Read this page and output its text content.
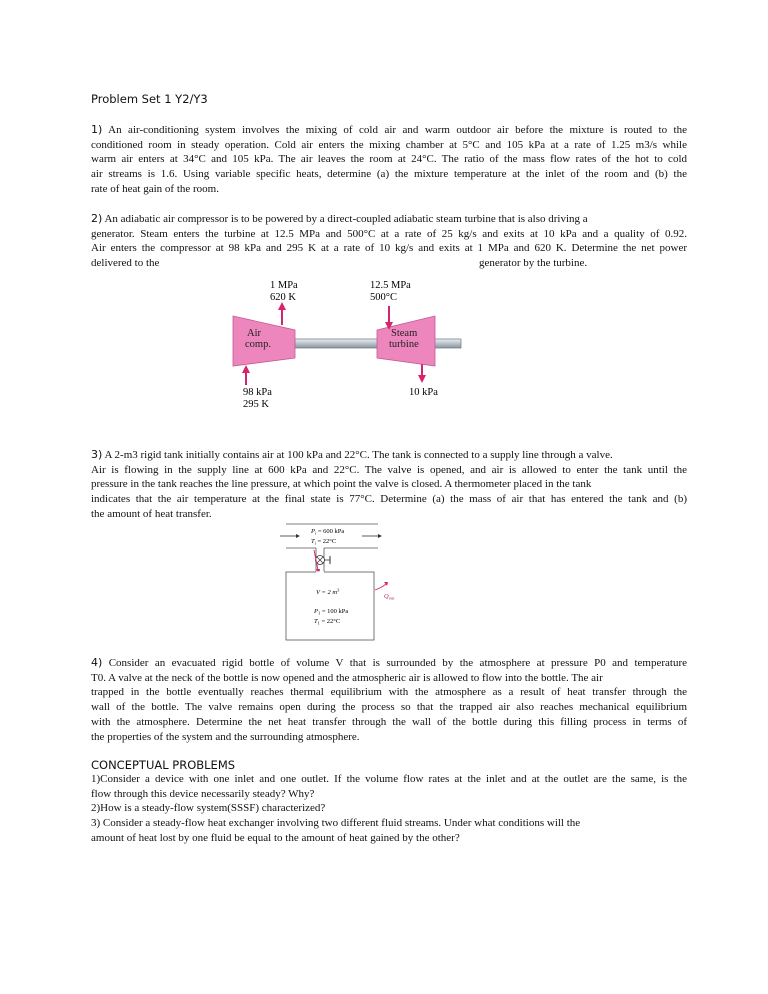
Problem Set 1 Y2/Y3
1) An air-conditioning system involves the mixing of cold air and warm outdoor air before the mixture is routed to the
conditioned room in steady operation. Cold air enters the mixing chamber at 5°C and 105 kPa at a rate of 1.25 m3/s while
warm air enters at 34°C and 105 kPa. The air leaves the room at 24°C. The ratio of the mass flow rates of the hot to cold
air streams is 1.6. Using variable specific heats, determine (a) the mixture temperature at the inlet of the room and (b) the
rate of heat gain of the room.
2) An adiabatic air compressor is to be powered by a direct-coupled adiabatic steam turbine that is also driving a
generator. Steam enters the turbine at 12.5 MPa and 500°C at a rate of 25 kg/s and exits at 10 kPa and a quality of 0.92.
Air enters the compressor at 98 kPa and 295 K at a rate of 10 kg/s and exits at 1 MPa and 620 K. Determine the net power
delivered to the	generator by the turbine.
1 MPa
620 K
12.5 MPa
500°C
Air
comp.
Steam
turbine
98 kPa
295 K
10 kPa
3) A 2-m3 rigid tank initially contains air at 100 kPa and 22°C. The tank is connected to a supply line through a valve.
Air is flowing in the supply line at 600 kPa and 22°C. The valve is opened, and air is allowed to enter the tank until the
pressure in the tank reaches the line pressure, at which point the valve is closed. A thermometer placed in the tank
indicates that the air temperature at the final state is 77°C. Determine (a) the mass of air that has entered the tank and (b)
the amount of heat transfer.
$P_i = 600$ kPa
$T_i = 22^\circ C$
V = 2 $m^3$
$P_1 = 100$ kPa
$T_1 = 22^\circ C$
$Q_{out}$
4) Consider an evacuated rigid bottle of volume V that is surrounded by the atmosphere at pressure P0 and temperature
T0. A valve at the neck of the bottle is now opened and the atmospheric air is allowed to flow into the bottle. The air
trapped in the bottle eventually reaches thermal equilibrium with the atmosphere as a result of heat transfer through the
wall of the bottle. The valve remains open during the process so that the trapped air also reaches mechanical equilibrium
with the atmosphere. Determine the net heat transfer through the wall of the bottle during this filling process in terms of
the properties of the system and the surrounding atmosphere.
CONCEPTUAL PROBLEMS
1)Consider a device with one inlet and one outlet. If the volume flow rates at the inlet and at the outlet are the same, is the
flow through this device necessarily steady? Why?
2)How is a steady-flow system(SSSF) characterized?
3) Consider a steady-flow heat exchanger involving two different fluid streams. Under what conditions will the
amount of heat lost by one fluid be equal to the amount of heat gained by the other?
